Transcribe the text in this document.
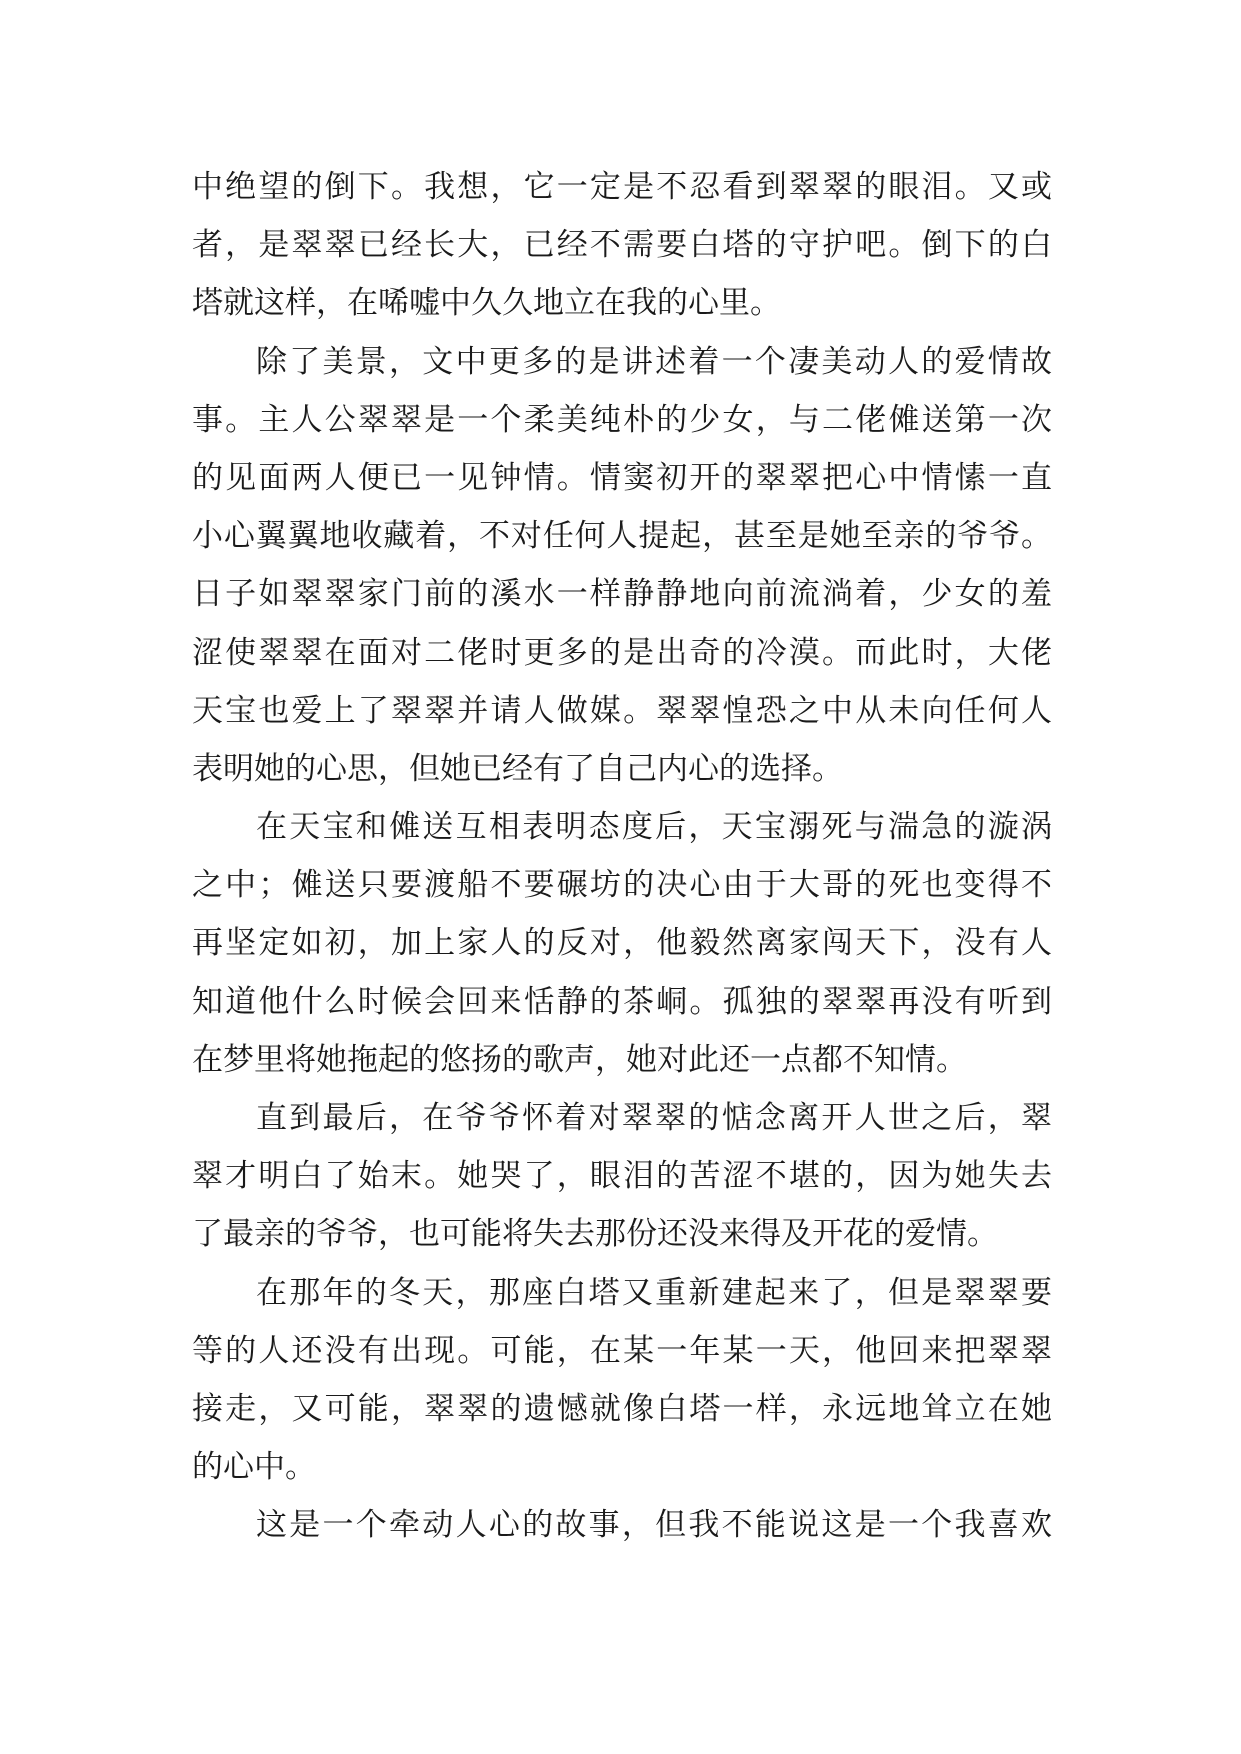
中绝望的倒下。我想，它一定是不忍看到翠翠的眼泪。又或
者，是翠翠已经长大，已经不需要白塔的守护吧。倒下的白
塔就这样，在唏嘘中久久地立在我的心里。
除了美景，文中更多的是讲述着一个凄美动人的爱情故
事。主人公翠翠是一个柔美纯朴的少女，与二佬傩送第一次
的见面两人便已一见钟情。情窦初开的翠翠把心中情愫一直
小心翼翼地收藏着，不对任何人提起，甚至是她至亲的爷爷。
日子如翠翠家门前的溪水一样静静地向前流淌着，少女的羞
涩使翠翠在面对二佬时更多的是出奇的冷漠。而此时，大佬
天宝也爱上了翠翠并请人做媒。翠翠惶恐之中从未向任何人
表明她的心思，但她已经有了自己内心的选择。
在天宝和傩送互相表明态度后，天宝溺死与湍急的漩涡
之中；傩送只要渡船不要碾坊的决心由于大哥的死也变得不
再坚定如初，加上家人的反对，他毅然离家闯天下，没有人
知道他什么时候会回来恬静的茶峒。孤独的翠翠再没有听到
在梦里将她拖起的悠扬的歌声，她对此还一点都不知情。
直到最后，在爷爷怀着对翠翠的惦念离开人世之后，翠
翠才明白了始末。她哭了，眼泪的苦涩不堪的，因为她失去
了最亲的爷爷，也可能将失去那份还没来得及开花的爱情。
在那年的冬天，那座白塔又重新建起来了，但是翠翠要
等的人还没有出现。可能，在某一年某一天，他回来把翠翠
接走，又可能，翠翠的遗憾就像白塔一样，永远地耸立在她
的心中。
这是一个牵动人心的故事，但我不能说这是一个我喜欢
